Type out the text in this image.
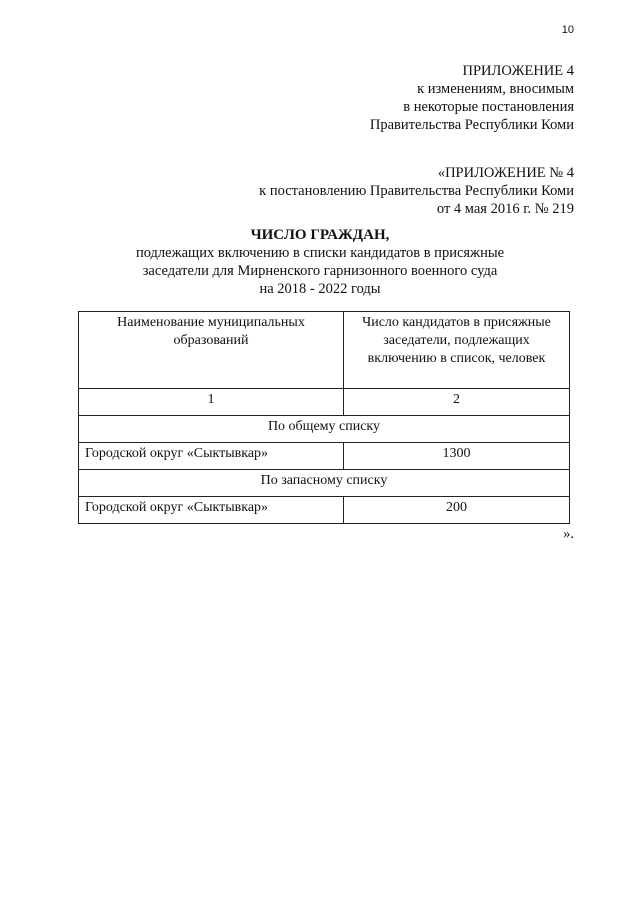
10
ПРИЛОЖЕНИЕ 4
к изменениям, вносимым
в некоторые постановления
Правительства Республики Коми
«ПРИЛОЖЕНИЕ № 4
к постановлению Правительства Республики Коми
от 4 мая 2016 г. № 219
ЧИСЛО ГРАЖДАН,
подлежащих включению в списки кандидатов в присяжные
заседатели для Мирненского гарнизонного военного суда
на 2018 - 2022 годы
Наименование муниципальных образований	Число кандидатов в присяжные заседатели, подлежащих включению в список, человек
1	2
По общему списку	
Городской округ «Сыктывкар»	1300
По запасному списку	
Городской округ «Сыктывкар»	200
».
